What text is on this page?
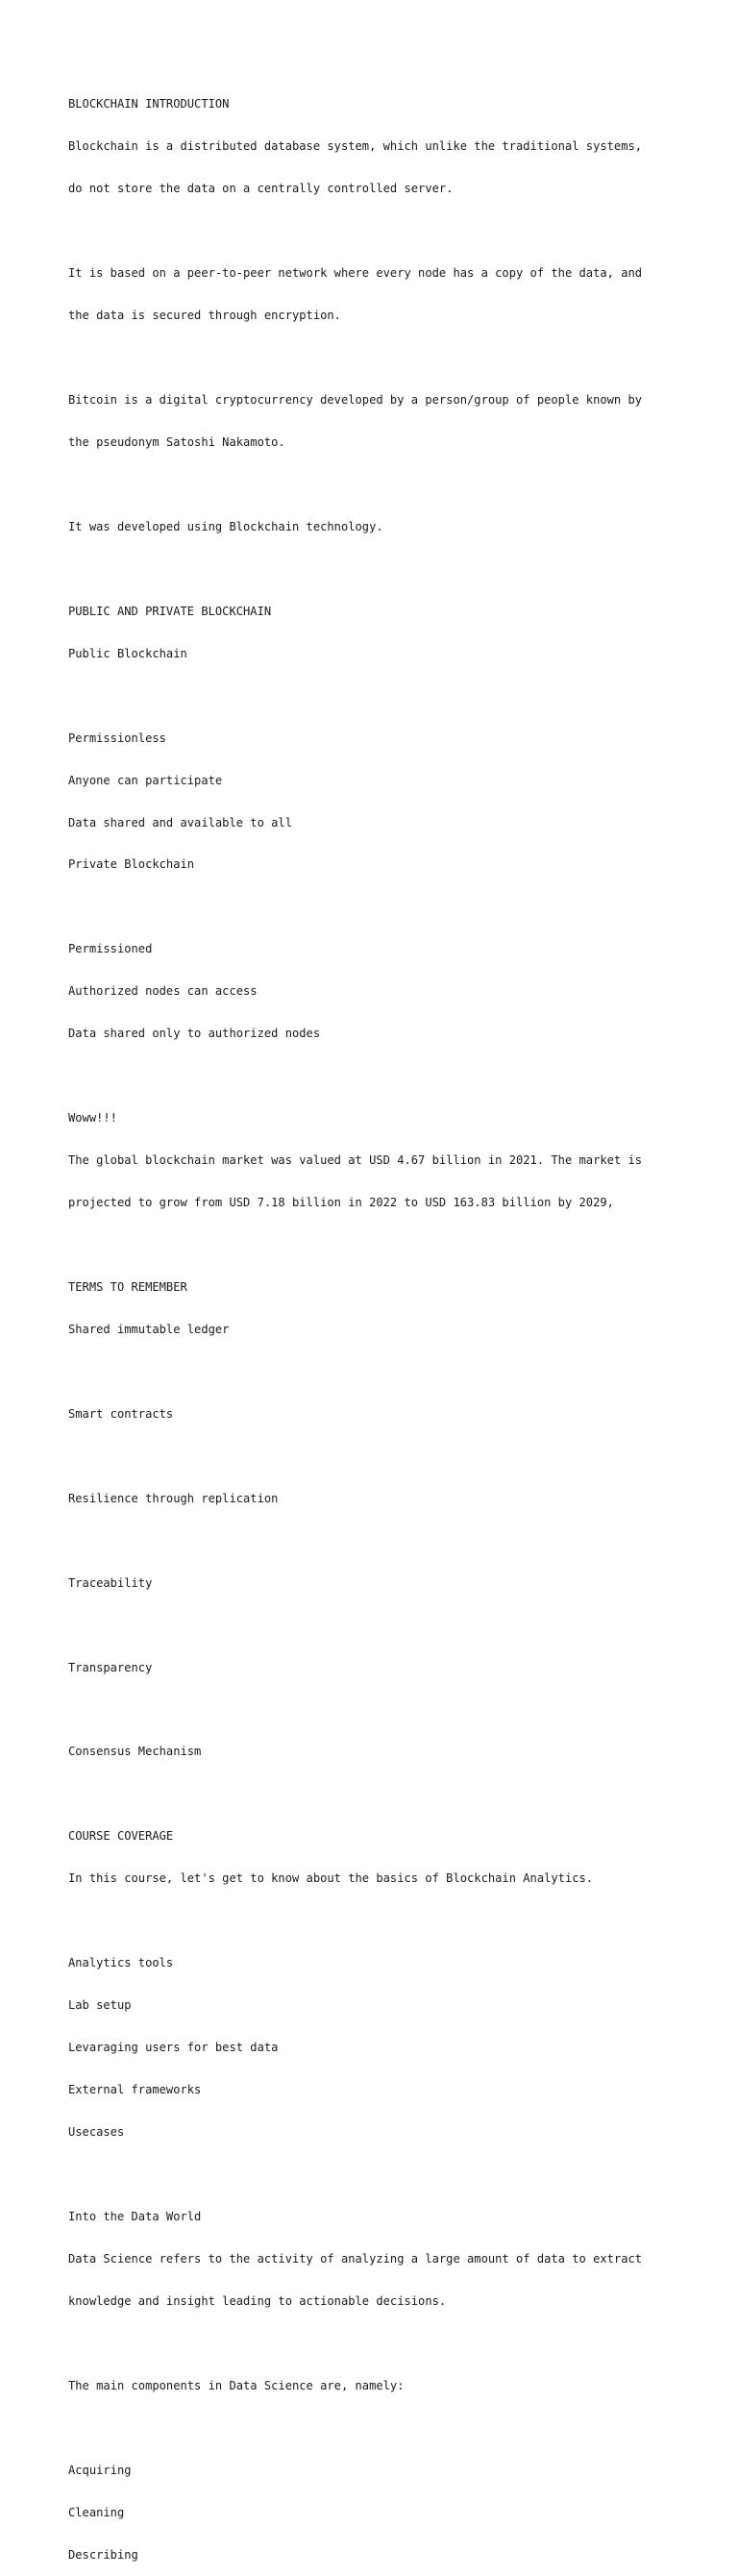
BLOCKCHAIN INTRODUCTION

Blockchain is a distributed database system, which unlike the traditional systems,

do not store the data on a centrally controlled server.

It is based on a peer-to-peer network where every node has a copy of the data, and

the data is secured through encryption.

Bitcoin is a digital cryptocurrency developed by a person/group of people known by

the pseudonym Satoshi Nakamoto.

It was developed using Blockchain technology.

PUBLIC AND PRIVATE BLOCKCHAIN

Public Blockchain

Permissionless

Anyone can participate

Data shared and available to all

Private Blockchain

Permissioned

Authorized nodes can access

Data shared only to authorized nodes

Woww!!!

The global blockchain market was valued at USD 4.67 billion in 2021. The market is

projected to grow from USD 7.18 billion in 2022 to USD 163.83 billion by 2029,

TERMS TO REMEMBER

Shared immutable ledger

Smart contracts

Resilience through replication

Traceability

Transparency

Consensus Mechanism

COURSE COVERAGE

In this course, let's get to know about the basics of Blockchain Analytics.

Analytics tools

Lab setup

Levaraging users for best data

External frameworks

Usecases

Into the Data World

Data Science refers to the activity of analyzing a large amount of data to extract

knowledge and insight leading to actionable decisions.

The main components in Data Science are, namely:

Acquiring

Cleaning

Describing
